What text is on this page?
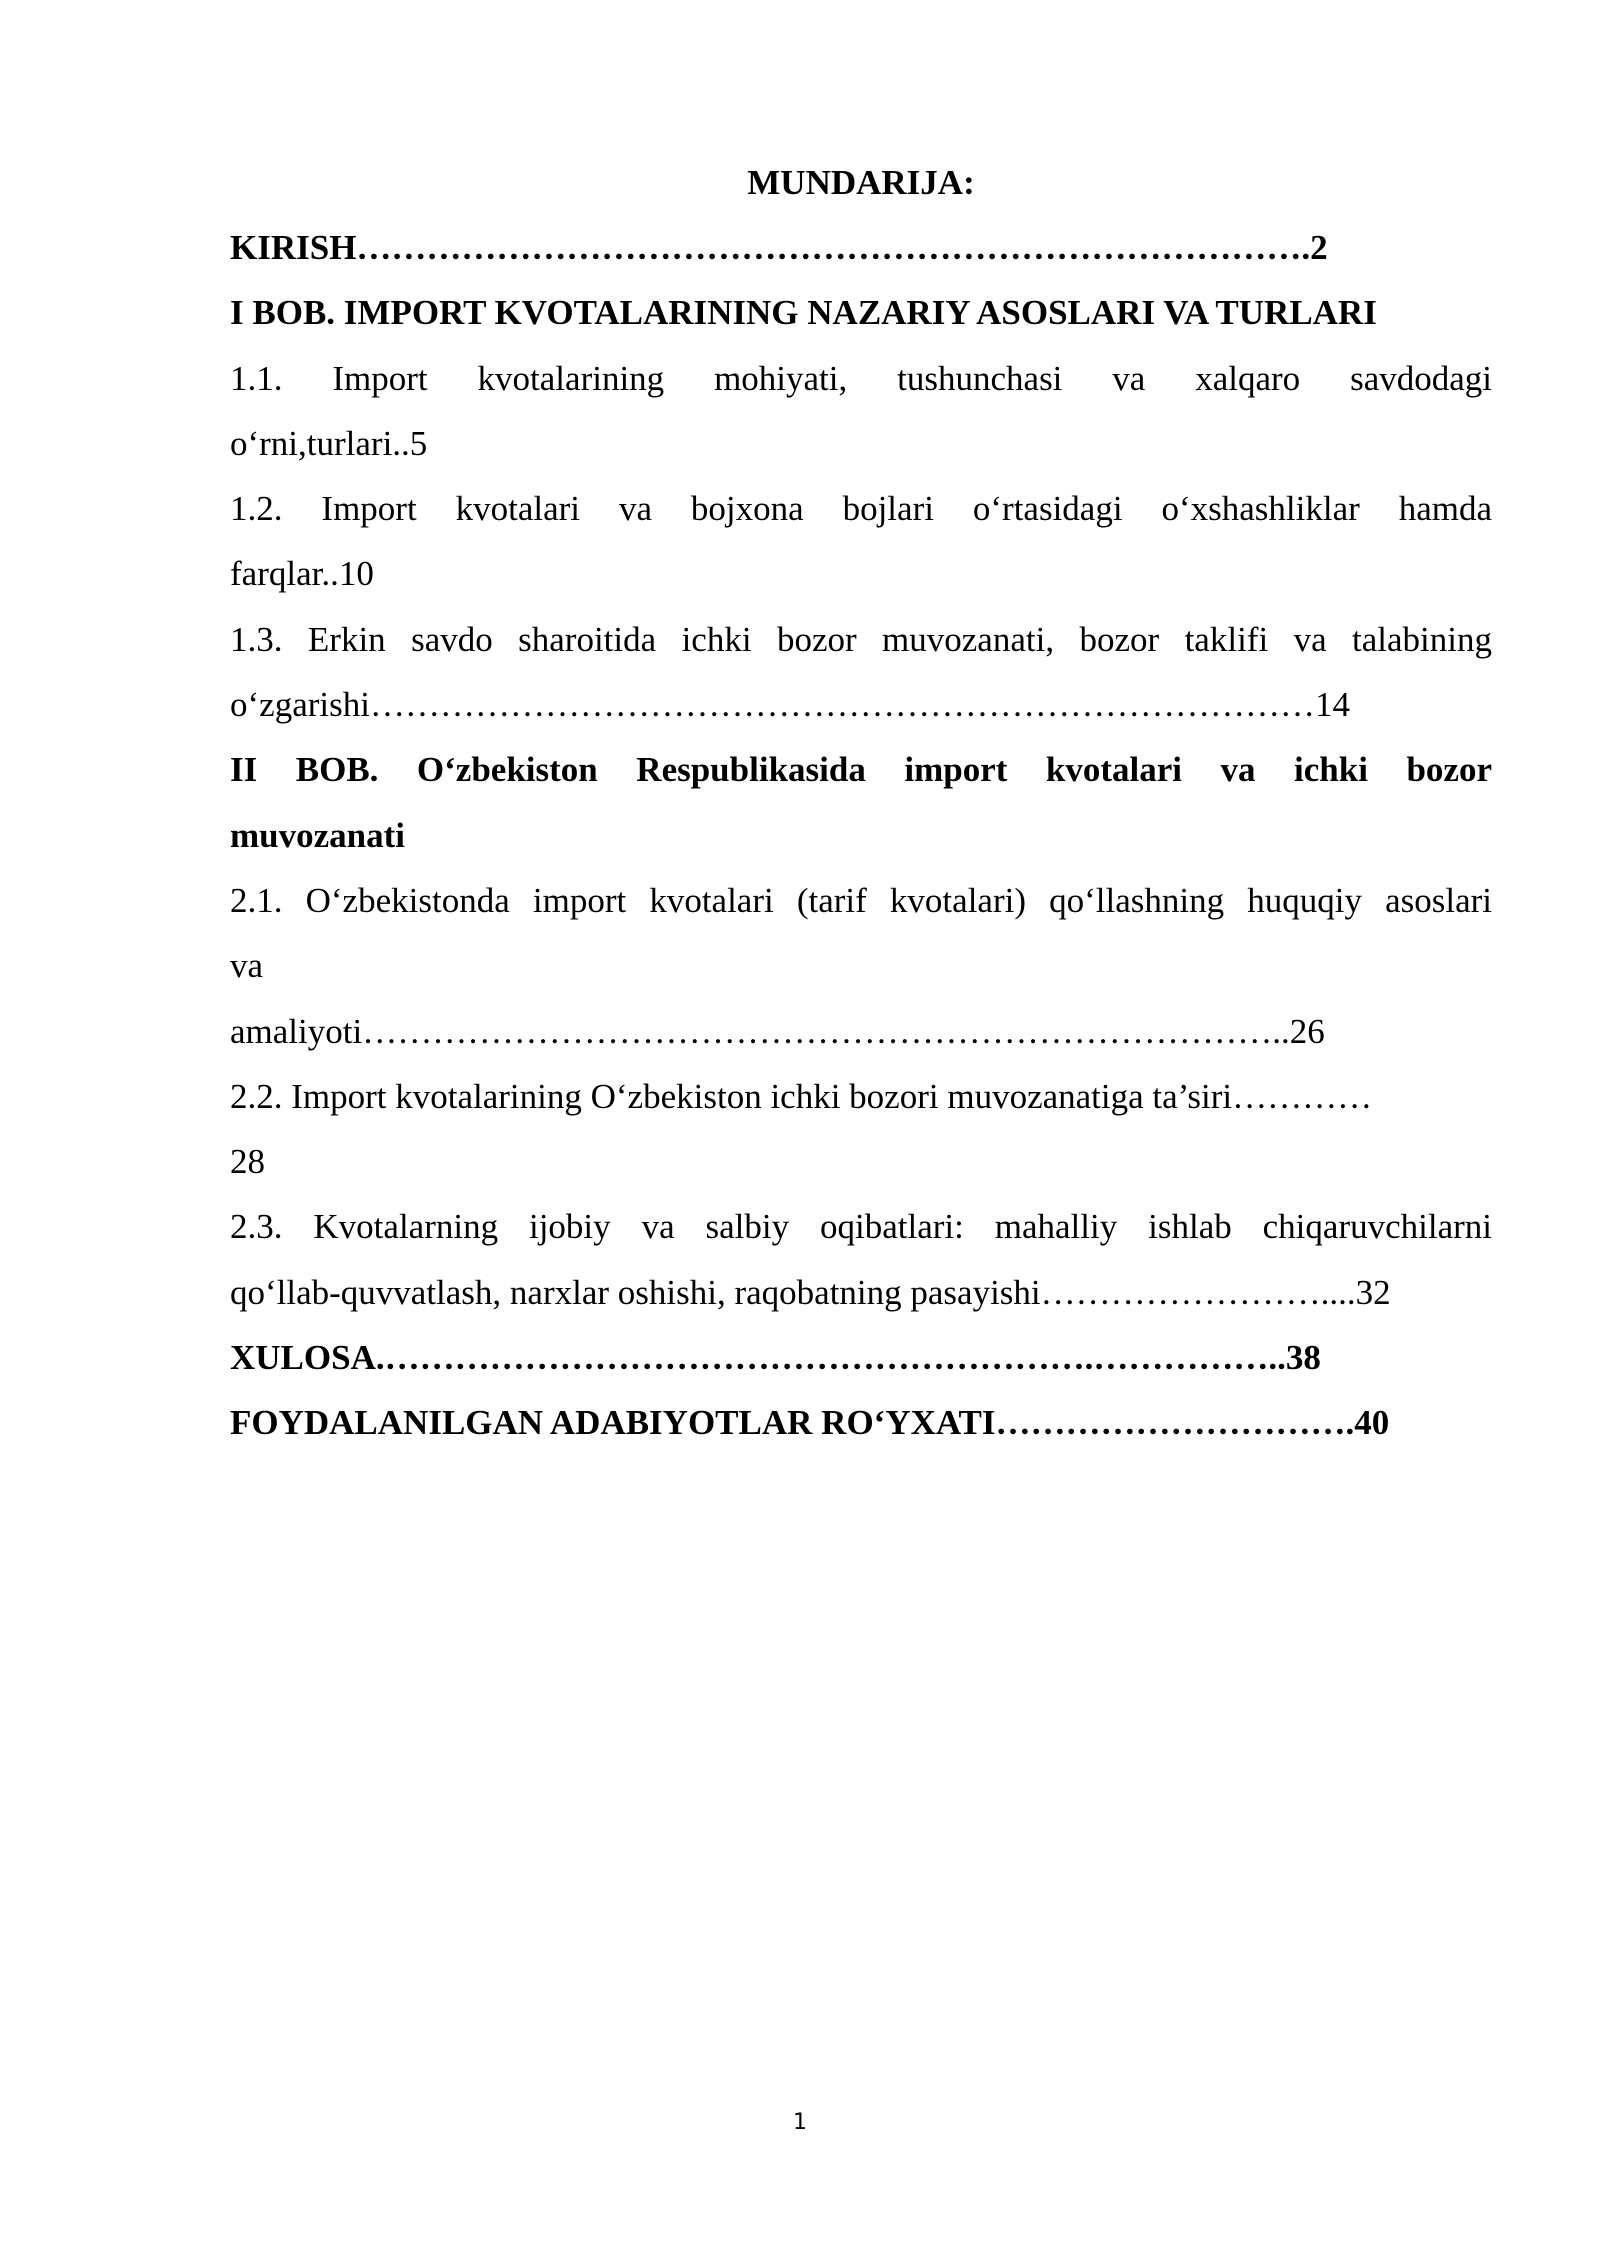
MUNDARIJA:

KIRISH……………………………………………………………………….2

I BOB. IMPORT KVOTALARINING NAZARIY ASOSLARI VA TURLARI

1.1. Import kvotalarining mohiyati, tushunchasi va xalqaro savdodagi

o‘rni,turlari..5

1.2. Import kvotalari va bojxona bojlari o‘rtasidagi o‘xshashliklar hamda

farqlar..10

1.3. Erkin savdo sharoitida ichki bozor muvozanati, bozor taklifi va talabining

o‘zgarishi………………………………………………………………………14

II BOB. O‘zbekiston Respublikasida import kvotalari va ichki bozor

muvozanati

2.1. O‘zbekistonda import kvotalari (tarif kvotalari) qo‘llashning huquqiy asoslari

va

amaliyoti……………………………………………………………………..26

2.2. Import kvotalarining O‘zbekiston ichki bozori muvozanatiga ta’siri…………

28

2.3. Kvotalarning ijobiy va salbiy oqibatlari: mahalliy ishlab chiqaruvchilarni

qo‘llab-quvvatlash, narxlar oshishi, raqobatning pasayishi……………………....32

XULOSA.…………………………………………………….……………..38

FOYDALANILGAN ADABIYOTLAR RO‘YXATI………………………….40

1
